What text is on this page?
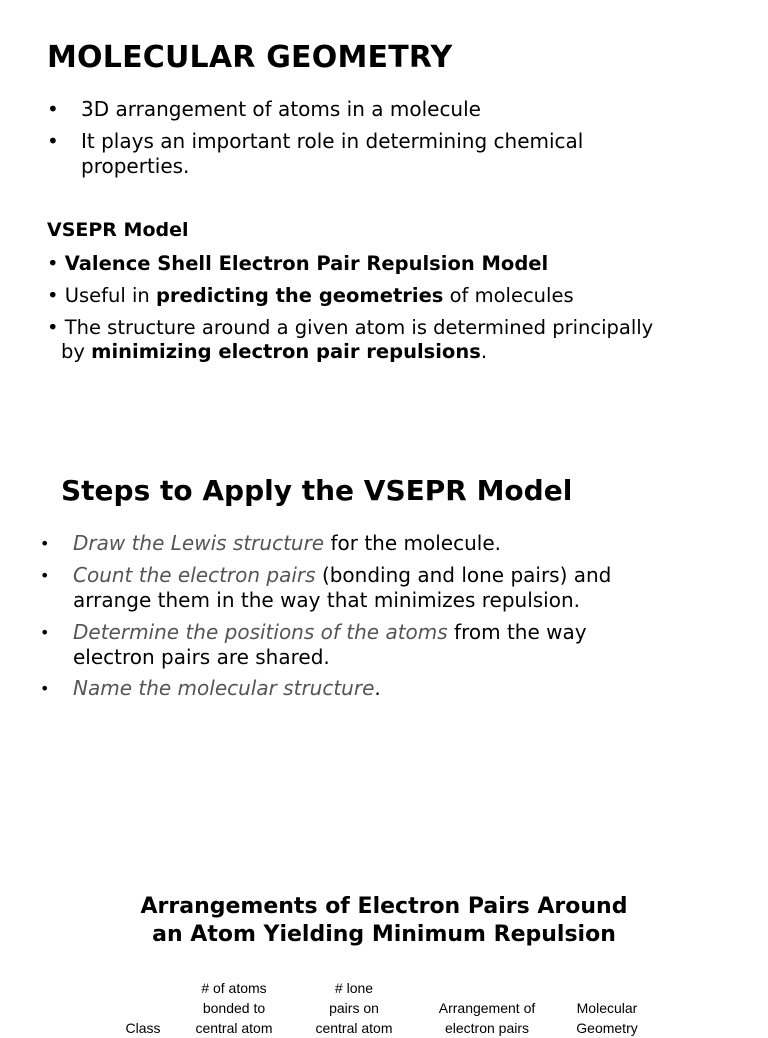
MOLECULAR GEOMETRY
• 3D arrangement of atoms in a molecule
• It plays an important role in determining chemical
properties.
VSEPR Model
• Valence Shell Electron Pair Repulsion Model
• Useful in predicting the geometries of molecules
• The structure around a given atom is determined principally
by minimizing electron pair repulsions.
Steps to Apply the VSEPR Model
• Draw the Lewis structure for the molecule.
• Count the electron pairs (bonding and lone pairs) and
arrange them in the way that minimizes repulsion.
• Determine the positions of the atoms from the way
electron pairs are shared.
• Name the molecular structure.
Arrangements of Electron Pairs Around
an Atom Yielding Minimum Repulsion

Class
# of atoms
bonded to
central atom
# lone
pairs on
central atom

Arrangement of
electron pairs

Molecular
Geometry
